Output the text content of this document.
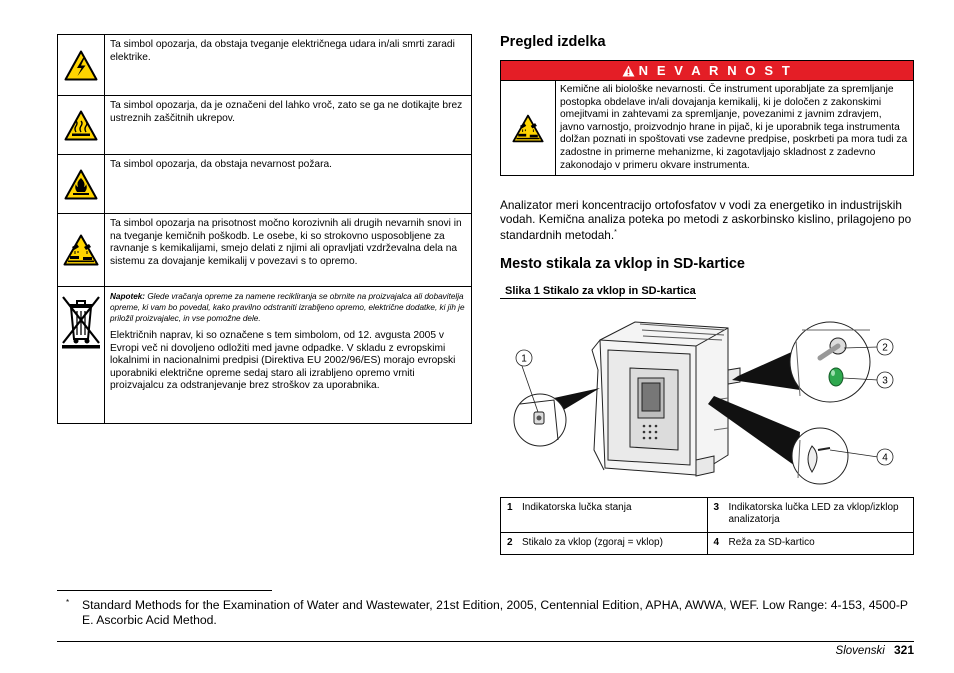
	Ta simbol opozarja, da obstaja tveganje električnega udara in/ali smrti zaradi elektrike.

	Ta simbol opozarja, da je označeni del lahko vroč, zato se ga ne dotikajte brez ustreznih zaščitnih ukrepov.

	Ta simbol opozarja, da obstaja nevarnost požara.

	Ta simbol opozarja na prisotnost močno korozivnih ali drugih nevarnih snovi in na tveganje kemičnih poškodb. Le osebe, ki so strokovno usposobljene za ravnanje s kemikalijami, smejo delati z njimi ali opravljati vzdrževalna dela na sistemu za dovajanje kemikalij v povezavi s to opremo.

Napotek: Glede vračanja opreme za namene recikliranja se obrnite na proizvajalca ali dobavitelja opreme, ki vam bo povedal, kako pravilno odstraniti izrabljeno opremo, električne dodatke, ki jih je priložil proizvajalec, in vse pomožne dele.
Električnih naprav, ki so označene s tem simbolom, od 12. avgusta 2005 v Evropi več ni dovoljeno odložiti med javne odpadke. V skladu z evropskimi lokalnimi in nacionalnimi predpisi (Direktiva EU 2002/96/ES) morajo evropski uporabniki električne opreme sedaj staro ali izrabljeno opremo vrniti proizvajalcu za odstranjevanje brez stroškov za uporabnika.
Pregled izdelka
N E V A R N O S T
Kemične ali biološke nevarnosti. Če instrument uporabljate za spremljanje postopka obdelave in/ali dovajanja kemikalij, ki je določen z zakonskimi omejitvami in zahtevami za spremljanje, povezanimi z javnim zdravjem, javno varnostjo, proizvodnjo hrane in pijač, ki je uporabnik tega instrumenta dolžan poznati in spoštovati vse zadevne predpise, poskrbeti pa mora tudi za zadostne in primerne mehanizme, ki zagotavljajo skladnost z zadevno zakonodajo v primeru okvare instrumenta.
Analizator meri koncentracijo ortofosfatov v vodi za energetiko in industrijskih vodah. Kemična analiza poteka po metodi z askorbinsko kislino, prilagojeno po standardnih metodah.*
Mesto stikala za vklop in SD-kartice
Slika 1 Stikalo za vklop in SD-kartica
1
2
3
4
1	Indikatorska lučka stanja	3	Indikatorska lučka LED za vklop/izklop analizatorja
2	Stikalo za vklop (zgoraj = vklop)	4	Reža za SD-kartico
* Standard Methods for the Examination of Water and Wastewater, 21st Edition, 2005, Centennial Edition, APHA, AWWA, WEF. Low Range: 4-153, 4500-P E. Ascorbic Acid Method.
Slovenski 321
